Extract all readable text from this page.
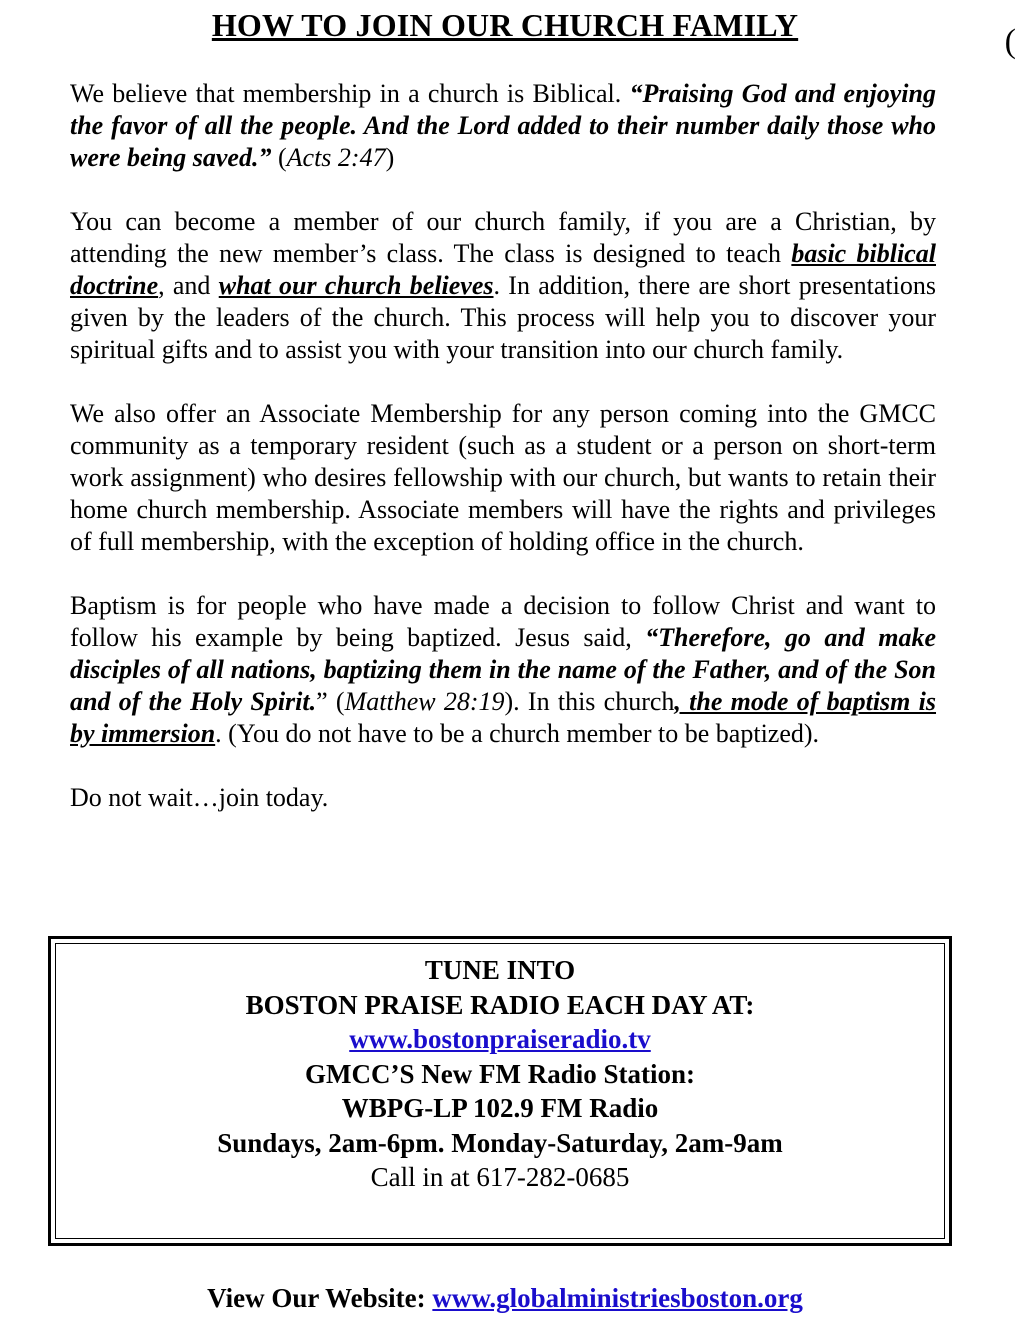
HOW TO JOIN OUR CHURCH FAMILY	(

We believe that membership in a church is Biblical. “Praising God and enjoying the favor of all the people. And the Lord added to their number daily those who were being saved.” (Acts 2:47)

You can become a member of our church family, if you are a Christian, by attending the new member’s class. The class is designed to teach basic biblical doctrine, and what our church believes. In addition, there are short presentations given by the leaders of the church. This process will help you to discover your spiritual gifts and to assist you with your transition into our church family.

We also offer an Associate Membership for any person coming into the GMCC community as a temporary resident (such as a student or a person on short-term work assignment) who desires fellowship with our church, but wants to retain their home church membership. Associate members will have the rights and privileges of full membership, with the exception of holding office in the church.

Baptism is for people who have made a decision to follow Christ and want to follow his example by being baptized. Jesus said, “Therefore, go and make disciples of all nations, baptizing them in the name of the Father, and of the Son and of the Holy Spirit.” (Matthew 28:19). In this church, the mode of baptism is by immersion. (You do not have to be a church member to be baptized).

Do not wait…join today.

TUNE INTO
BOSTON PRAISE RADIO EACH DAY AT:
www.bostonpraiseradio.tv
GMCC’S New FM Radio Station:
WBPG-LP 102.9 FM Radio
Sundays, 2am-6pm. Monday-Saturday, 2am-9am
Call in at 617-282-0685
View Our Website: www.globalministriesboston.org
